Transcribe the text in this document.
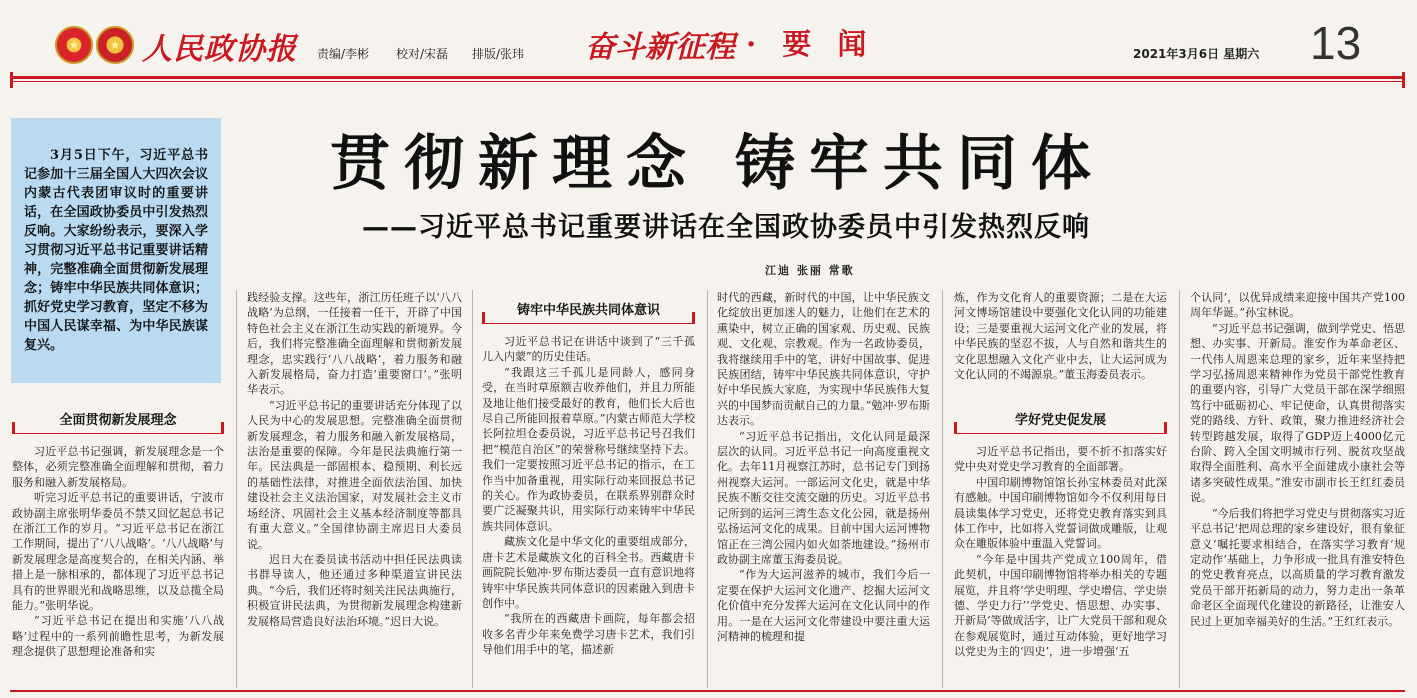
★	★ 人民政协报 责编/李彬 校对/宋磊 排版/张玮 奋斗新征程 · 要 闻	2021年3月6日 星期六 13

3月5日下午，习近平总书记参加十三届全国人大四次会议内蒙古代表团审议时的重要讲话，在全国政协委员中引发热烈反响。大家纷纷表示，要深入学习贯彻习近平总书记重要讲话精神，完整准确全面贯彻新发展理念；铸牢中华民族共同体意识；抓好党史学习教育，坚定不移为中国人民谋幸福、为中华民族谋复兴。

贯彻新理念 铸牢共同体
——习近平总书记重要讲话在全国政协委员中引发热烈反响
江迪 张丽 常歌
全面贯彻新发展理念
铸牢中华民族共同体意识
学好党史促发展

习近平总书记强调，新发展理念是一个整体，必须完整准确全面理解和贯彻，着力服务和融入新发展格局。

听完习近平总书记的重要讲话，宁波市政协副主席张明华委员不禁又回忆起总书记在浙江工作的岁月。“习近平总书记在浙江工作期间，提出了‘八八战略’。‘八八战略’与新发展理念是高度契合的，在相关内涵、举措上是一脉相承的，都体现了习近平总书记具有的世界眼光和战略思维，以及总揽全局能力。”张明华说。

“习近平总书记在提出和实施‘八八战略’过程中的一系列前瞻性思考，为新发展理念提供了思想理论准备和实

践经验支撑。这些年，浙江历任班子以‘八八战略’为总纲，一任接着一任干，开辟了中国特色社会主义在浙江生动实践的新境界。今后，我们将完整准确全面理解和贯彻新发展理念，忠实践行‘八八战略’，着力服务和融入新发展格局，奋力打造‘重要窗口’。”张明华表示。

“习近平总书记的重要讲话充分体现了以人民为中心的发展思想。完整准确全面贯彻新发展理念，着力服务和融入新发展格局，法治是重要的保障。今年是民法典施行第一年。民法典是一部固根本、稳预期、利长远的基础性法律，对推进全面依法治国、加快建设社会主义法治国家，对发展社会主义市场经济、巩固社会主义基本经济制度等都具有重大意义。”全国律协副主席迟日大委员说。

迟日大在委员读书活动中担任民法典读书群导读人，他还通过多种渠道宣讲民法典。“今后，我们还将时刻关注民法典施行，积极宣讲民法典，为贯彻新发展理念构建新发展格局营造良好法治环境。”迟日大说。

习近平总书记在讲话中谈到了“三千孤儿入内蒙”的历史佳话。

“我跟这三千孤儿是同龄人，感同身受，在当时草原额吉收养他们，并且力所能及地让他们接受最好的教育，他们长大后也尽自己所能回报着草原。”内蒙古师范大学校长阿拉坦仓委员说，习近平总书记号召我们把“模范自治区”的荣誉称号继续坚持下去。我们一定要按照习近平总书记的指示，在工作当中加备重视，用实际行动来回报总书记的关心。作为政协委员，在联系界别群众时要广泛凝聚共识，用实际行动来铸牢中华民族共同体意识。

藏族文化是中华文化的重要组成部分，唐卡艺术是藏族文化的百科全书。西藏唐卡画院院长勉冲·罗布斯达委员一直有意识地将铸牢中华民族共同体意识的因素融入到唐卡创作中。

“我所在的西藏唐卡画院，每年都会招收多名青少年来免费学习唐卡艺术，我们引导他们用手中的笔，描述新

时代的西藏，新时代的中国，让中华民族文化绽放出更加迷人的魅力，让他们在艺术的熏染中，树立正确的国家观、历史观、民族观、文化观、宗教观。作为一名政协委员，我将继续用手中的笔，讲好中国故事、促进民族团结，铸牢中华民族共同体意识，守护好中华民族大家庭，为实现中华民族伟大复兴的中国梦而贡献自己的力量。”勉冲·罗布斯达表示。

“习近平总书记指出，文化认同是最深层次的认同。习近平总书记一向高度重视文化。去年11月视察江苏时，总书记专门到扬州视察大运河。一部运河文化史，就是中华民族不断交往交流交融的历史。习近平总书记所到的运河三湾生态文化公园，就是扬州弘扬运河文化的成果。目前中国大运河博物馆正在三湾公园内如火如荼地建设。”扬州市政协副主席董玉海委员说。

“作为大运河滋养的城市，我们今后一定要在保护大运河文化遗产、挖掘大运河文化价值中充分发挥大运河在文化认同中的作用。一是在大运河文化带建设中要注重大运河精神的梳理和提

炼，作为文化育人的重要资源；二是在大运河文博场馆建设中要强化文化认同的功能建设；三是要重视大运河文化产业的发展，将中华民族的坚忍不拔，人与自然和谐共生的文化思想融入文化产业中去，让大运河成为文化认同的不竭源泉。”董玉海委员表示。

习近平总书记指出，要不折不扣落实好党中央对党史学习教育的全面部署。

中国印刷博物馆馆长孙宝林委员对此深有感触。中国印刷博物馆如今不仅利用每日晨读集体学习党史，还将党史教育落实到具体工作中，比如将入党誓词做成雕版，让观众在雕版体验中重温入党誓词。

“今年是中国共产党成立100周年，借此契机，中国印刷博物馆将举办相关的专题展览，并且将‘学史明理、学史增信、学史崇德、学史力行’‘学党史、悟思想、办实事、开新局’等做成活字，让广大党员干部和观众在参观展览时，通过互动体验，更好地学习以党史为主的‘四史’，进一步增强‘五

个认同’，以优异成绩来迎接中国共产党100周年华诞。”孙宝林说。

“习近平总书记强调，做到学党史、悟思想、办实事、开新局。淮安作为革命老区、一代伟人周恩来总理的家乡，近年来坚持把学习弘扬周恩来精神作为党员干部党性教育的重要内容，引导广大党员干部在深学细照笃行中砥砺初心、牢记使命，认真贯彻落实党的路线、方针、政策，聚力推进经济社会转型跨越发展，取得了GDP迈上4000亿元台阶、跨入全国文明城市行列、脱贫攻坚战取得全面胜利、高水平全面建成小康社会等诸多突破性成果。”淮安市副市长王红红委员说。

“今后我们将把学习党史与贯彻落实习近平总书记‘把周总理的家乡建设好，很有象征意义’嘱托要求相结合，在落实学习教育‘规定动作’基础上，力争形成一批具有淮安特色的党史教育亮点，以高质量的学习教育激发党员干部开拓新局的动力，努力走出一条革命老区全面现代化建设的新路径，让淮安人民过上更加幸福美好的生活。”王红红表示。
